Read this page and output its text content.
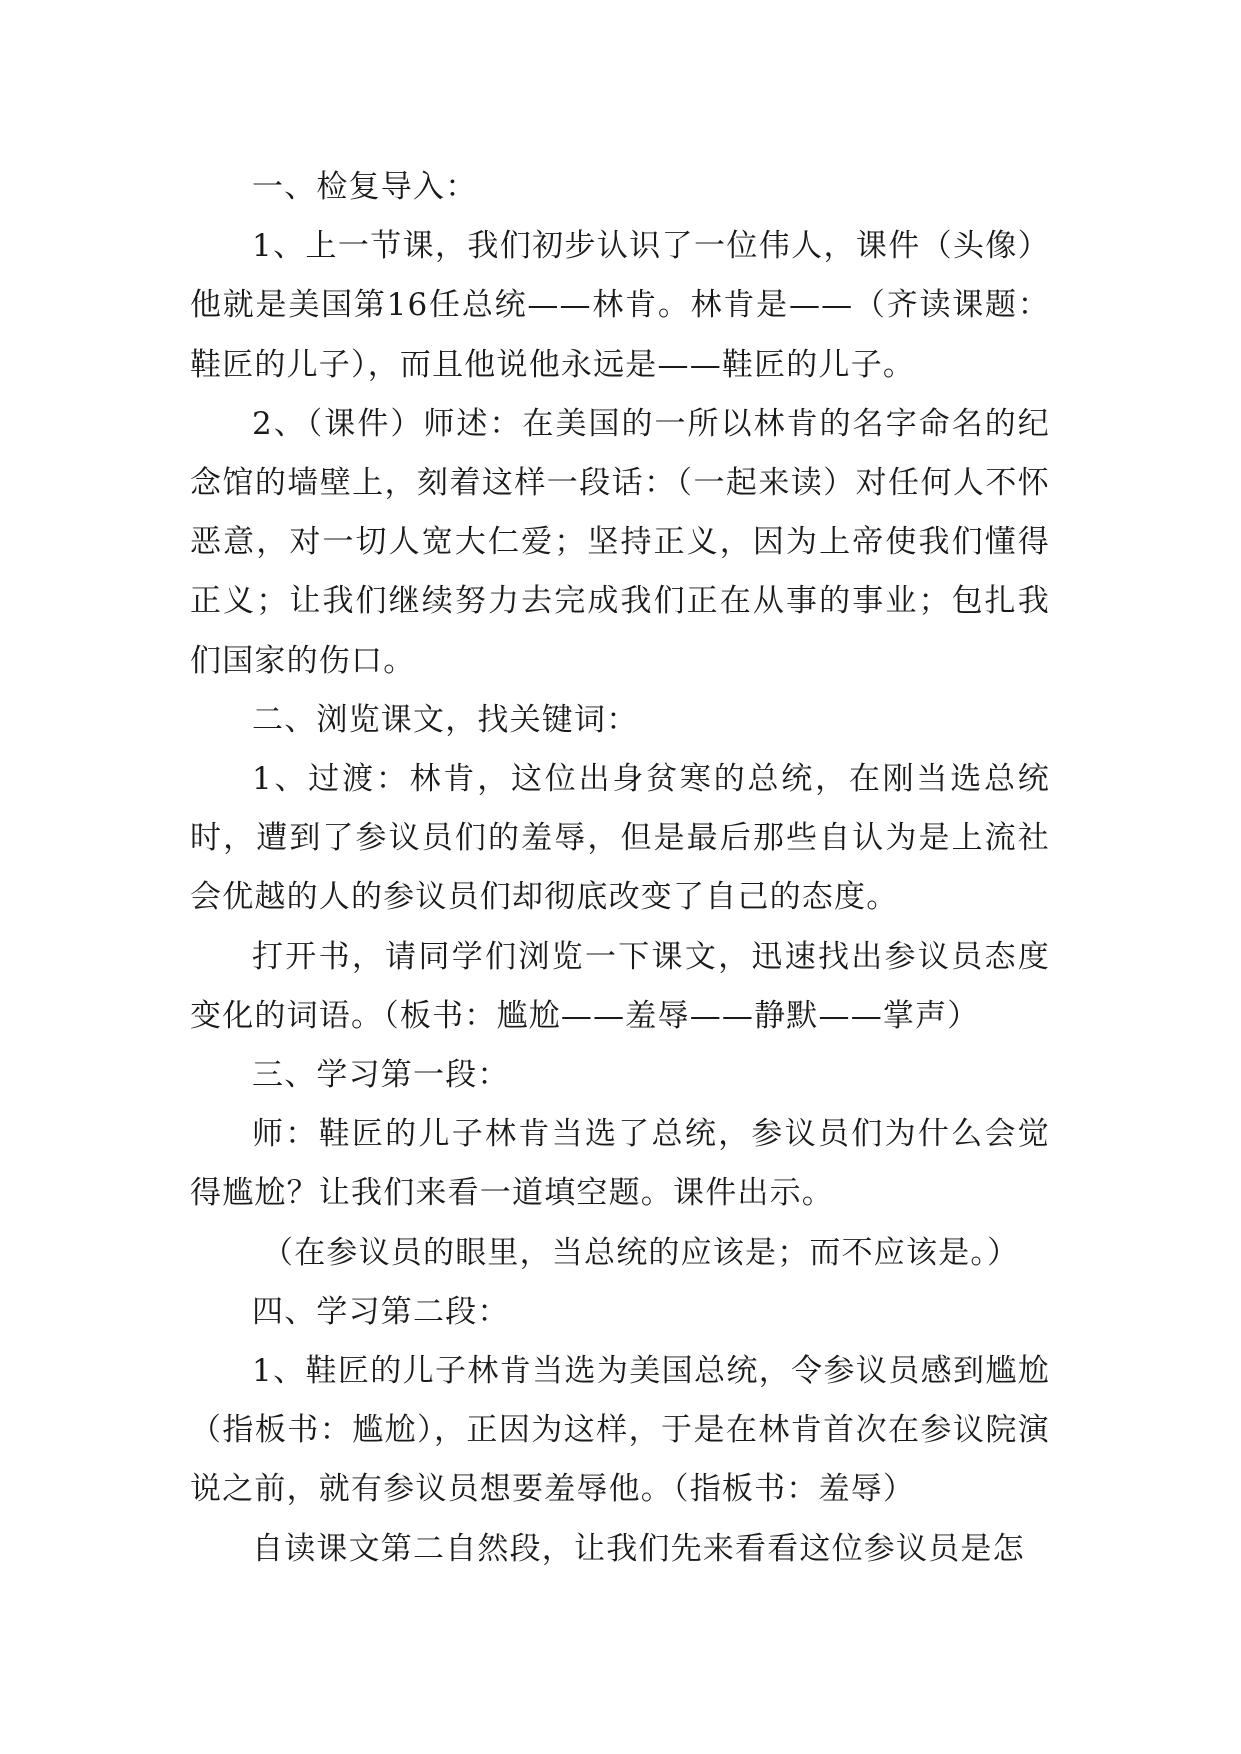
一、检复导入：

1、上一节课，我们初步认识了一位伟人，课件（头像）他就是美国第16任总统——林肯。林肯是——（齐读课题：鞋匠的儿子），而且他说他永远是——鞋匠的儿子。

2、（课件）师述：在美国的一所以林肯的名字命名的纪念馆的墙壁上，刻着这样一段话：（一起来读）对任何人不怀恶意，对一切人宽大仁爱；坚持正义，因为上帝使我们懂得正义；让我们继续努力去完成我们正在从事的事业；包扎我们国家的伤口。

二、浏览课文，找关键词：

1、过渡：林肯，这位出身贫寒的总统，在刚当选总统时，遭到了参议员们的羞辱，但是最后那些自认为是上流社会优越的人的参议员们却彻底改变了自己的态度。

打开书，请同学们浏览一下课文，迅速找出参议员态度变化的词语。（板书：尴尬——羞辱——静默——掌声）

三、学习第一段：

师：鞋匠的儿子林肯当选了总统，参议员们为什么会觉得尴尬？让我们来看一道填空题。课件出示。

（在参议员的眼里，当总统的应该是；而不应该是。）

四、学习第二段：

1、鞋匠的儿子林肯当选为美国总统，令参议员感到尴尬（指板书：尴尬），正因为这样，于是在林肯首次在参议院演说之前，就有参议员想要羞辱他。（指板书：羞辱）

自读课文第二自然段，让我们先来看看这位参议员是怎
